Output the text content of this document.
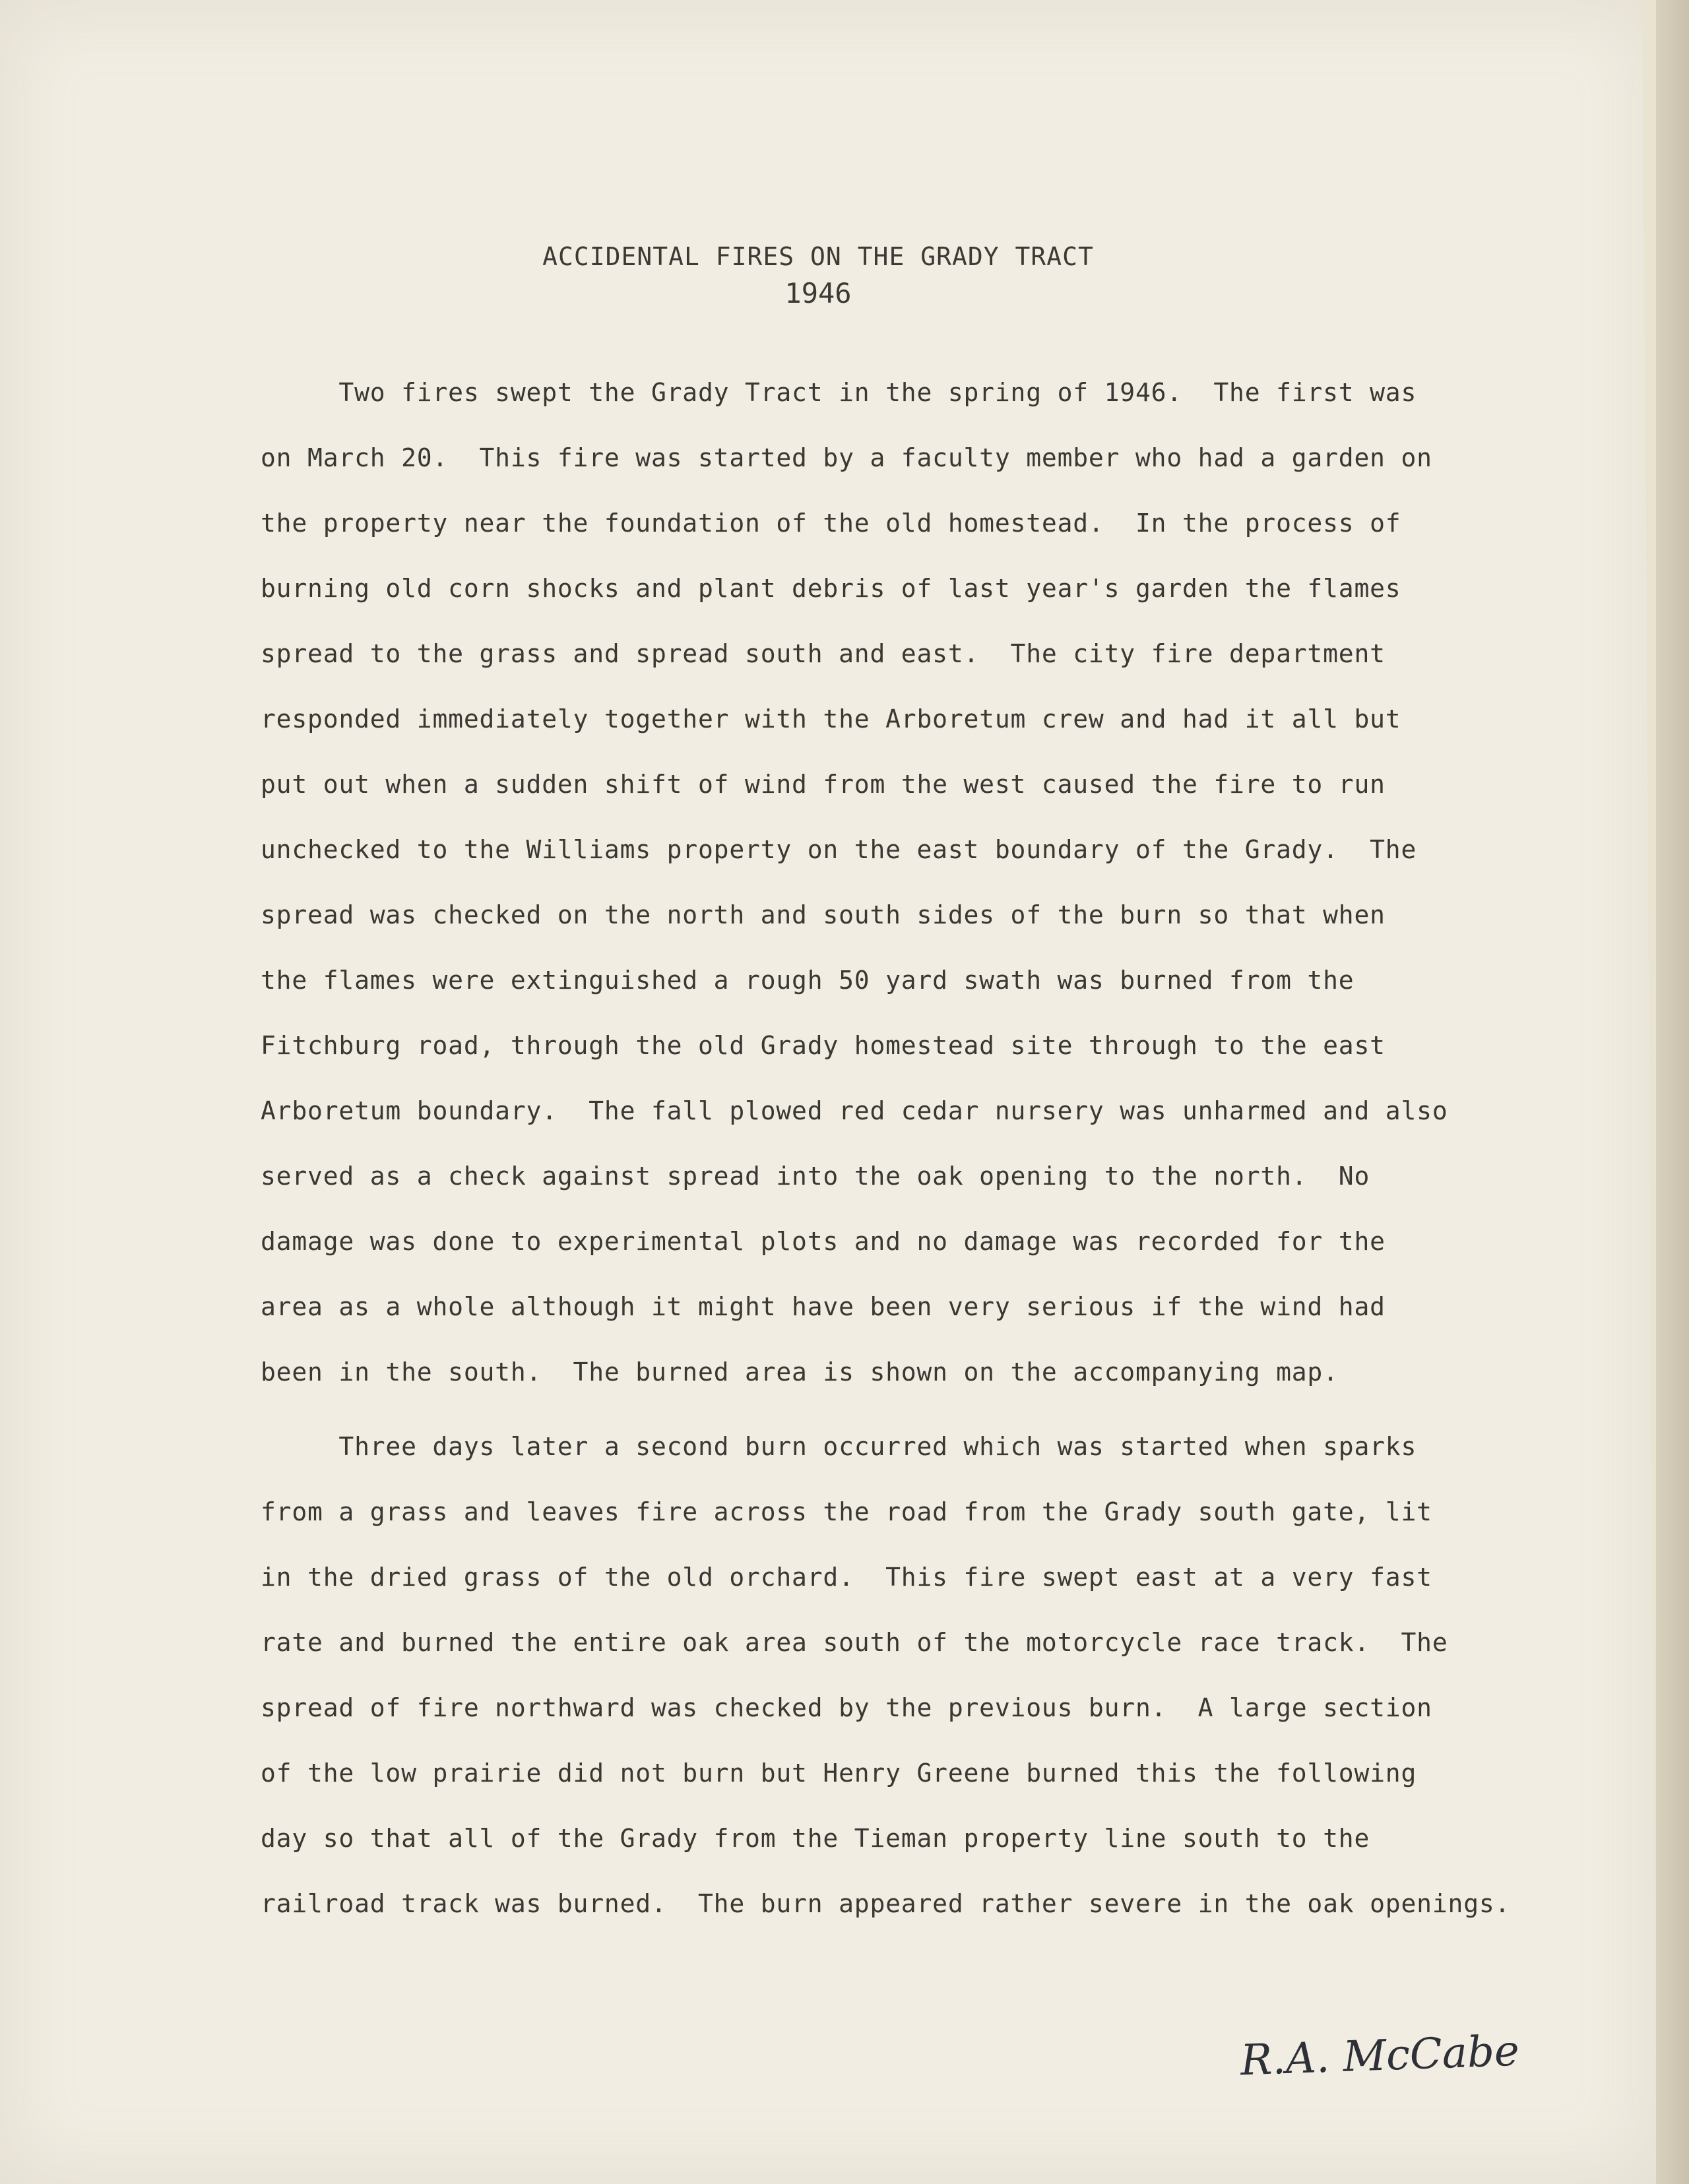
ACCIDENTAL FIRES ON THE GRADY TRACT
1946
Two fires swept the Grady Tract in the spring of 1946.  The first was
on March 20.  This fire was started by a faculty member who had a garden on
the property near the foundation of the old homestead.  In the process of
burning old corn shocks and plant debris of last year's garden the flames
spread to the grass and spread south and east.  The city fire department
responded immediately together with the Arboretum crew and had it all but
put out when a sudden shift of wind from the west caused the fire to run
unchecked to the Williams property on the east boundary of the Grady.  The
spread was checked on the north and south sides of the burn so that when
the flames were extinguished a rough 50 yard swath was burned from the
Fitchburg road, through the old Grady homestead site through to the east
Arboretum boundary.  The fall plowed red cedar nursery was unharmed and also
served as a check against spread into the oak opening to the north.  No
damage was done to experimental plots and no damage was recorded for the
area as a whole although it might have been very serious if the wind had
been in the south.  The burned area is shown on the accompanying map.
Three days later a second burn occurred which was started when sparks
from a grass and leaves fire across the road from the Grady south gate, lit
in the dried grass of the old orchard.  This fire swept east at a very fast
rate and burned the entire oak area south of the motorcycle race track.  The
spread of fire northward was checked by the previous burn.  A large section
of the low prairie did not burn but Henry Greene burned this the following
day so that all of the Grady from the Tieman property line south to the
railroad track was burned.  The burn appeared rather severe in the oak openings.
R.A. McCabe
